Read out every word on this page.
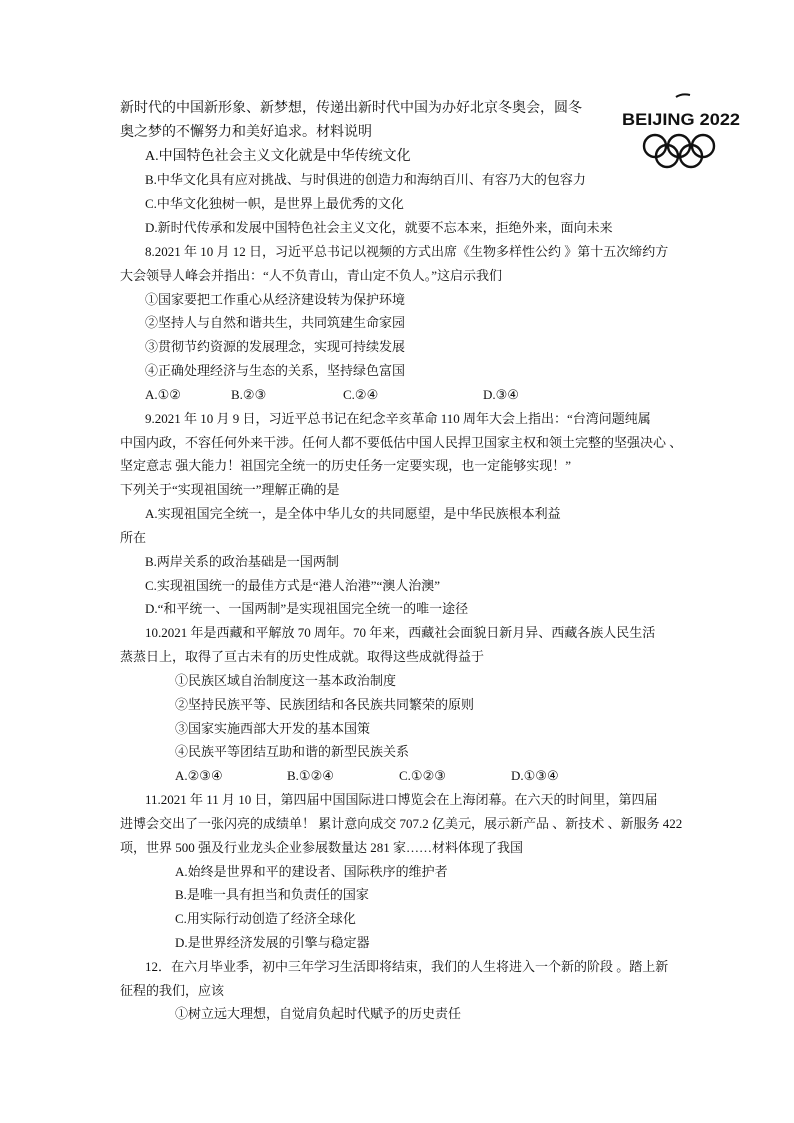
BEIJING 2022
新时代的中国新形象、新梦想，传递出新时代中国为办好北京冬奥会，圆冬
奥之梦的不懈努力和美好追求。材料说明
A.中国特色社会主义文化就是中华传统文化
B.中华文化具有应对挑战、与时俱进的创造力和海纳百川、有容乃大的包容力
C.中华文化独树一帜，是世界上最优秀的文化
D.新时代传承和发展中国特色社会主义文化，就要不忘本来，拒绝外来，面向未来
8.2021 年 10 月 12 日，习近平总书记以视频的方式出席《生物多样性公约 》第十五次缔约方
大会领导人峰会并指出：“人不负青山，青山定不负人。”这启示我们
①国家要把工作重心从经济建设转为保护环境
②坚持人与自然和谐共生，共同筑建生命家园
③贯彻节约资源的发展理念，实现可持续发展
④正确处理经济与生态的关系，坚持绿色富国
A.①②	B.②③	C.②④	D.③④
9.2021 年 10 月 9 日，习近平总书记在纪念辛亥革命 110 周年大会上指出：“台湾问题纯属
中国内政，不容任何外来干涉。任何人都不要低估中国人民捍卫国家主权和领土完整的坚强决心 、
坚定意志 强大能力！祖国完全统一的历史任务一定要实现，也一定能够实现！”
下列关于“实现祖国统一”理解正确的是
A.实现祖国完全统一，是全体中华儿女的共同愿望，是中华民族根本利益
所在
B.两岸关系的政治基础是一国两制
C.实现祖国统一的最佳方式是“港人治港”“澳人治澳”
D.“和平统一、一国两制”是实现祖国完全统一的唯一途径
10.2021 年是西藏和平解放 70 周年。70 年来，西藏社会面貌日新月异、西藏各族人民生活
蒸蒸日上，取得了亘古未有的历史性成就。取得这些成就得益于
①民族区域自治制度这一基本政治制度
②坚持民族平等、民族团结和各民族共同繁荣的原则
③国家实施西部大开发的基本国策
④民族平等团结互助和谐的新型民族关系
A.②③④	B.①②④	C.①②③	D.①③④
11.2021 年 11 月 10 日，第四届中国国际进口博览会在上海闭幕。在六天的时间里，第四届
进博会交出了一张闪亮的成绩单！ 累计意向成交 707.2 亿美元，展示新产品 、新技术 、新服务 422
项，世界 500 强及行业龙头企业参展数量达 281 家……材料体现了我国
A.始终是世界和平的建设者、国际秩序的维护者
B.是唯一具有担当和负责任的国家
C.用实际行动创造了经济全球化
D.是世界经济发展的引擎与稳定器
12．在六月毕业季，初中三年学习生活即将结束，我们的人生将进入一个新的阶段 。踏上新
征程的我们，应该
①树立远大理想，自觉肩负起时代赋予的历史责任
